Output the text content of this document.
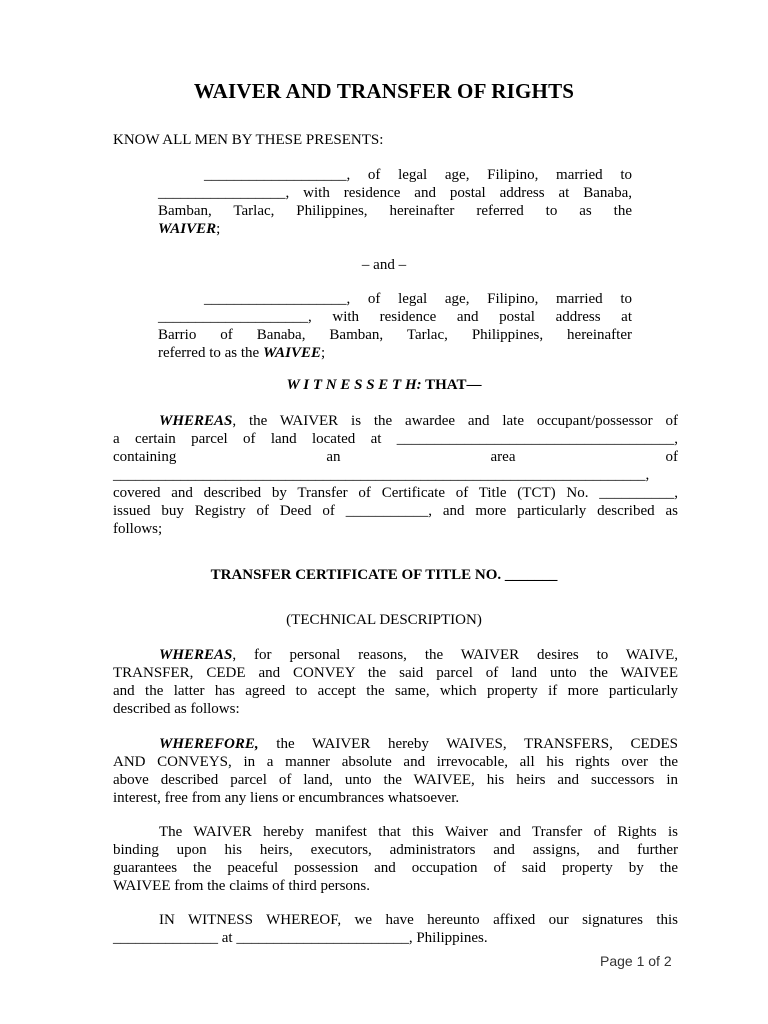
WAIVER AND TRANSFER OF RIGHTS
KNOW ALL MEN BY THESE PRESENTS:
___________________, of legal age, Filipino, married to
_________________, with residence and postal address at Banaba,
Bamban, Tarlac, Philippines, hereinafter referred to as the
WAIVER;
– and –
___________________, of legal age, Filipino, married to
____________________, with residence and postal address at
Barrio of Banaba, Bamban, Tarlac, Philippines, hereinafter
referred to as the WAIVEE;
W I T N E S S E T H: THAT—
WHEREAS, the WAIVER is the awardee and late occupant/possessor of
a certain parcel of land located at _____________________________________,
containing an area of
_______________________________________________________________________,
covered and described by Transfer of Certificate of Title (TCT) No. __________,
issued buy Registry of Deed of ___________, and more particularly described as
follows;
TRANSFER CERTIFICATE OF TITLE NO. _______
(TECHNICAL DESCRIPTION)
WHEREAS, for personal reasons, the WAIVER desires to WAIVE,
TRANSFER, CEDE and CONVEY the said parcel of land unto the WAIVEE
and the latter has agreed to accept the same, which property if more particularly
described as follows:
WHEREFORE, the WAIVER hereby WAIVES, TRANSFERS, CEDES
AND CONVEYS, in a manner absolute and irrevocable, all his rights over the
above described parcel of land, unto the WAIVEE, his heirs and successors in
interest, free from any liens or encumbrances whatsoever.
The WAIVER hereby manifest that this Waiver and Transfer of Rights is
binding upon his heirs, executors, administrators and assigns, and further
guarantees the peaceful possession and occupation of said property by the
WAIVEE from the claims of third persons.
IN WITNESS WHEREOF, we have hereunto affixed our signatures this
______________ at _______________________, Philippines.
Page 1 of 2
